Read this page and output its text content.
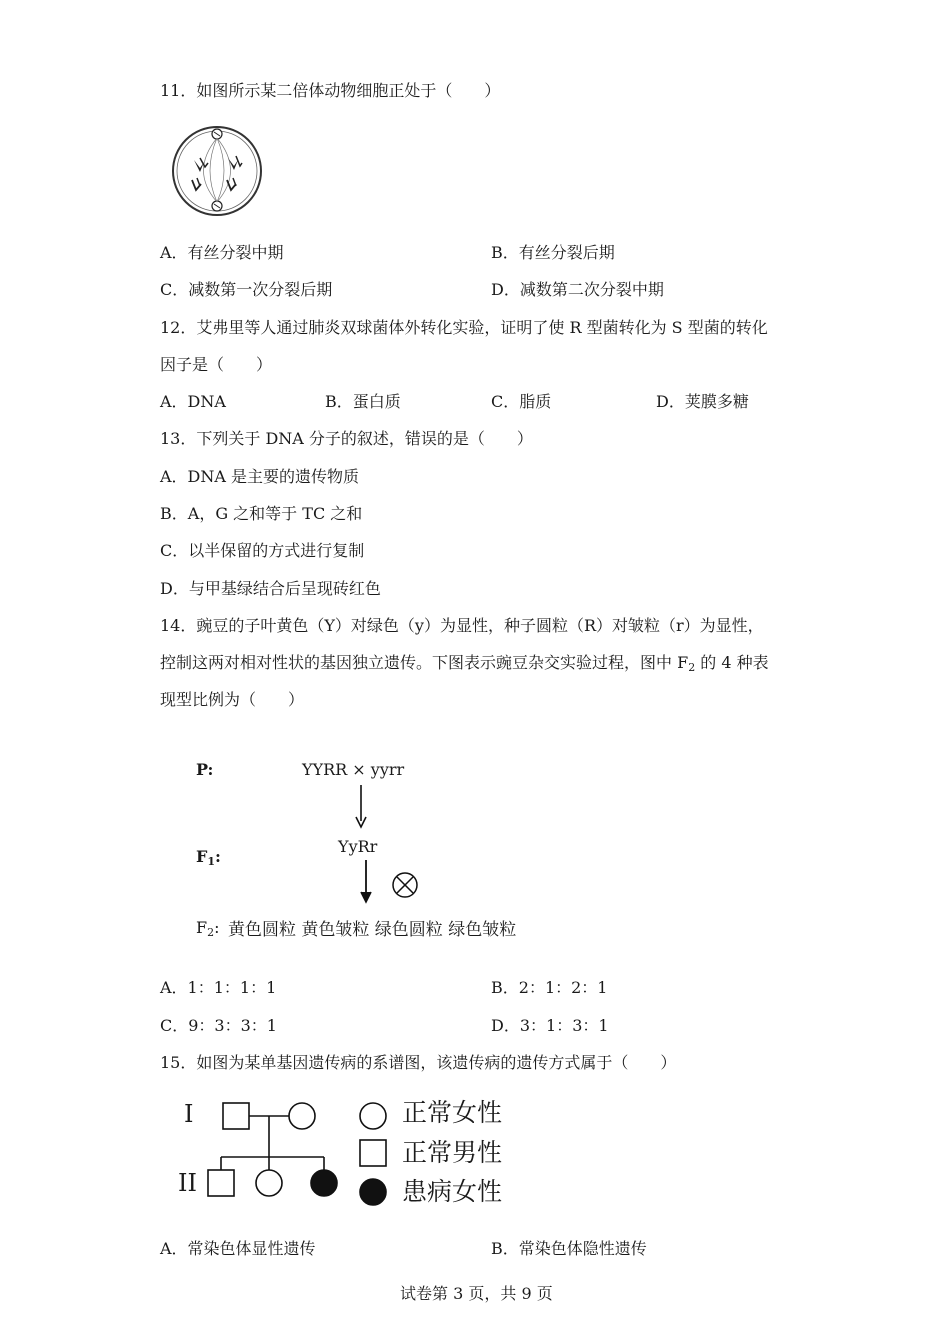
11．如图所示某二倍体动物细胞正处于（　　）
A．有丝分裂中期	B．有丝分裂后期
C．减数第一次分裂后期	D．减数第二次分裂中期
12．艾弗里等人通过肺炎双球菌体外转化实验，证明了使 R 型菌转化为 S 型菌的转化
因子是（　　）
A．DNA	B．蛋白质	C．脂质	D．荚膜多糖
13．下列关于 DNA 分子的叙述，错误的是（　　）
A．DNA 是主要的遗传物质
B．A，G 之和等于 TC 之和
C．以半保留的方式进行复制
D．与甲基绿结合后呈现砖红色
14．豌豆的子叶黄色（Y）对绿色（y）为显性，种子圆粒（R）对皱粒（r）为显性，
控制这两对相对性状的基因独立遗传。下图表示豌豆杂交实验过程，图中 $F_2$ 的 4 种表
现型比例为（　　）
P:	YYRR × yyrr
$F_1$:
YyRr
$F_2$: 黄色圆粒 黄色皱粒 绿色圆粒 绿色皱粒
A．1：1：1：1	B．2：1：2：1
C．9：3：3：1	D．3：1：3：1
15．如图为某单基因遗传病的系谱图，该遗传病的遗传方式属于（　　）
I
II
正常女性
正常男性
患病女性
A．常染色体显性遗传	B．常染色体隐性遗传
试卷第 3 页，共 9 页
